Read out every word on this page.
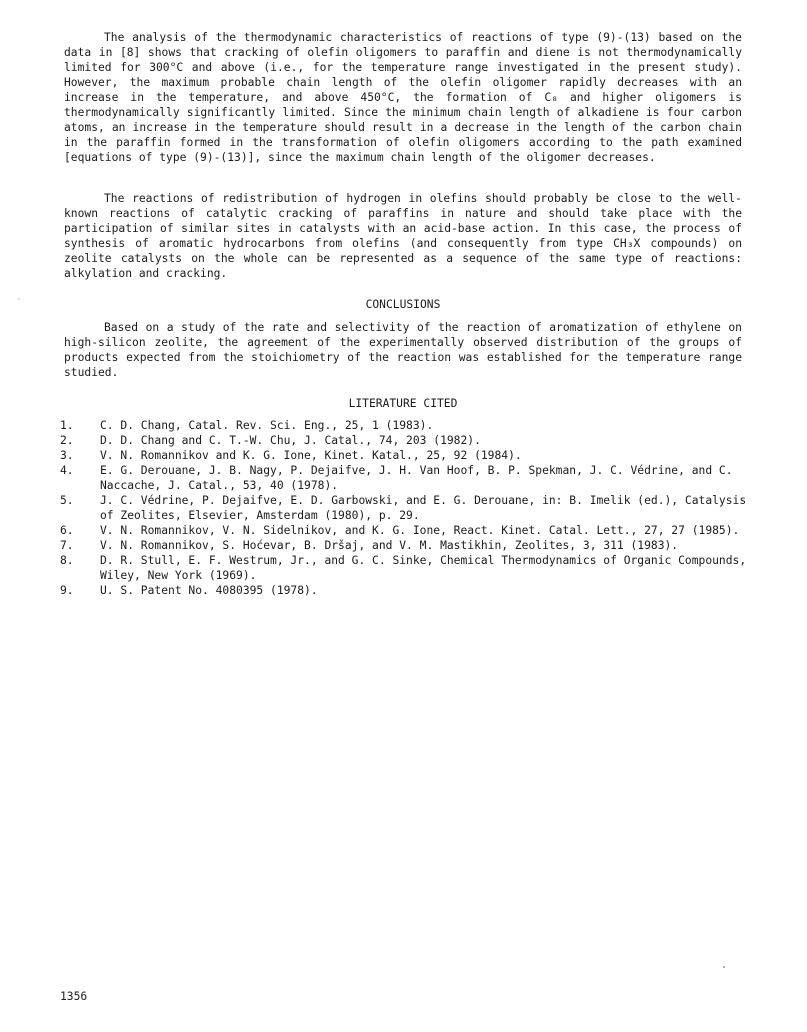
The analysis of the thermodynamic characteristics of reactions of type (9)-(13) based on the data in [8] shows that cracking of olefin oligomers to paraffin and diene is not thermodynamically limited for 300°C and above (i.e., for the temperature range investigated in the present study). However, the maximum probable chain length of the olefin oligomer rapidly decreases with an increase in the temperature, and above 450°C, the formation of C₈ and higher oligomers is thermodynamically significantly limited. Since the minimum chain length of alkadiene is four carbon atoms, an increase in the temperature should result in a decrease in the length of the carbon chain in the paraffin formed in the transformation of olefin oligomers according to the path examined [equations of type (9)-(13)], since the maximum chain length of the oligomer decreases.

The reactions of redistribution of hydrogen in olefins should probably be close to the well-known reactions of catalytic cracking of paraffins in nature and should take place with the participation of similar sites in catalysts with an acid-base action. In this case, the process of synthesis of aromatic hydrocarbons from olefins (and consequently from type CH₃X compounds) on zeolite catalysts on the whole can be represented as a sequence of the same type of reactions: alkylation and cracking.

CONCLUSIONS

Based on a study of the rate and selectivity of the reaction of aromatization of ethylene on high-silicon zeolite, the agreement of the experimentally observed distribution of the groups of products expected from the stoichiometry of the reaction was established for the temperature range studied.

LITERATURE CITED

1. C. D. Chang, Catal. Rev. Sci. Eng., 25, 1 (1983).
2. D. D. Chang and C. T.-W. Chu, J. Catal., 74, 203 (1982).
3. V. N. Romannikov and K. G. Ione, Kinet. Katal., 25, 92 (1984).
4. E. G. Derouane, J. B. Nagy, P. Dejaifve, J. H. Van Hoof, B. P. Spekman, J. C. Védrine, and C. Naccache, J. Catal., 53, 40 (1978).
5. J. C. Védrine, P. Dejaifve, E. D. Garbowski, and E. G. Derouane, in: B. Imelik (ed.), Catalysis of Zeolites, Elsevier, Amsterdam (1980), p. 29.
6. V. N. Romannikov, V. N. Sidelnikov, and K. G. Ione, React. Kinet. Catal. Lett., 27, 27 (1985).
7. V. N. Romannikov, S. Hoćevar, B. Dršaj, and V. M. Mastikhin, Zeolites, 3, 311 (1983).
8. D. R. Stull, E. F. Westrum, Jr., and G. C. Sinke, Chemical Thermodynamics of Organic Compounds, Wiley, New York (1969).
9. U. S. Patent No. 4080395 (1978).

1356
